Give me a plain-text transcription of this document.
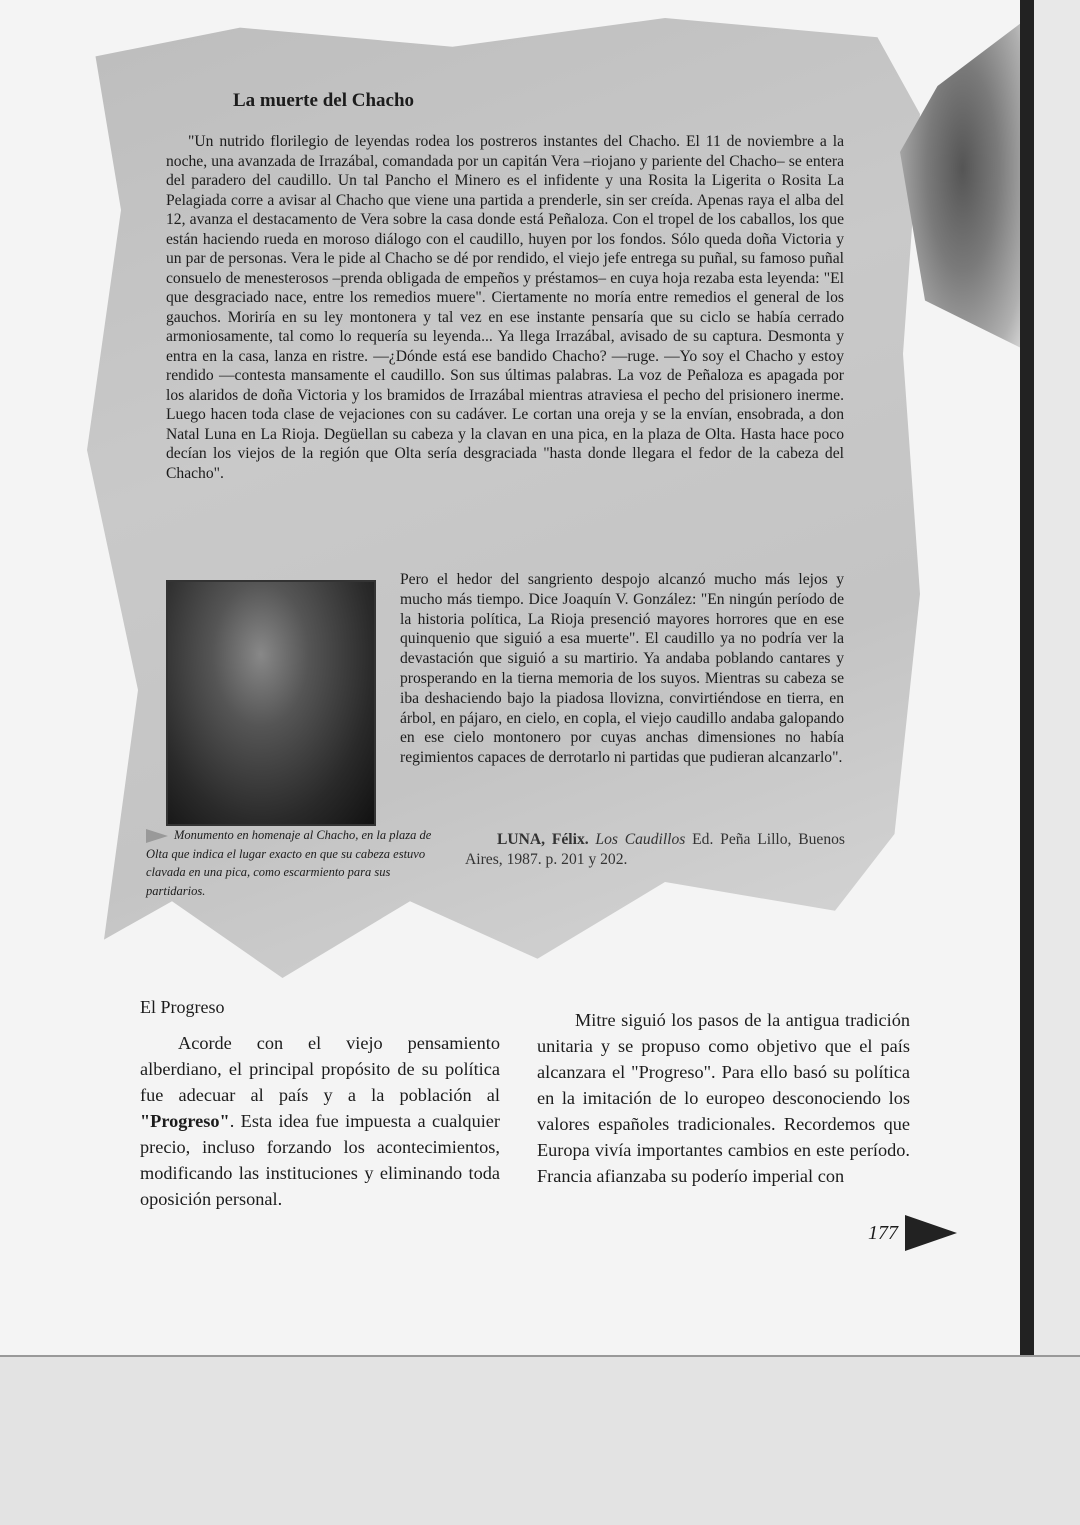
La muerte del Chacho

"Un nutrido florilegio de leyendas rodea los postreros instantes del Chacho. El 11 de noviembre a la noche, una avanzada de Irrazábal, comandada por un capitán Vera –riojano y pariente del Chacho– se entera del paradero del caudillo. Un tal Pancho el Minero es el infidente y una Rosita la Ligerita o Rosita La Pelagiada corre a avisar al Chacho que viene una partida a prenderle, sin ser creída. Apenas raya el alba del 12, avanza el destacamento de Vera sobre la casa donde está Peñaloza. Con el tropel de los caballos, los que están haciendo rueda en moroso diálogo con el caudillo, huyen por los fondos. Sólo queda doña Victoria y un par de personas. Vera le pide al Chacho se dé por rendido, el viejo jefe entrega su puñal, su famoso puñal consuelo de menesterosos –prenda obligada de empeños y préstamos– en cuya hoja rezaba esta leyenda: "El que desgraciado nace, entre los remedios muere". Ciertamente no moría entre remedios el general de los gauchos. Moriría en su ley montonera y tal vez en ese instante pensaría que su ciclo se había cerrado armoniosamente, tal como lo requería su leyenda... Ya llega Irrazábal, avisado de su captura. Desmonta y entra en la casa, lanza en ristre. —¿Dónde está ese bandido Chacho? —ruge. —Yo soy el Chacho y estoy rendido —contesta mansamente el caudillo. Son sus últimas palabras. La voz de Peñaloza es apagada por los alaridos de doña Victoria y los bramidos de Irrazábal mientras atraviesa el pecho del prisionero inerme. Luego hacen toda clase de vejaciones con su cadáver. Le cortan una oreja y se la envían, ensobrada, a don Natal Luna en La Rioja. Degüellan su cabeza y la clavan en una pica, en la plaza de Olta. Hasta hace poco decían los viejos de la región que Olta sería desgraciada "hasta donde llegara el fedor de la cabeza del Chacho".

Pero el hedor del sangriento despojo alcanzó mucho más lejos y mucho más tiempo. Dice Joaquín V. González: "En ningún período de la historia política, La Rioja presenció mayores horrores que en ese quinquenio que siguió a esa muerte". El caudillo ya no podría ver la devastación que siguió a su martirio. Ya andaba poblando cantares y prosperando en la tierna memoria de los suyos. Mientras su cabeza se iba deshaciendo bajo la piadosa llovizna, convirtiéndose en tierra, en árbol, en pájaro, en cielo, en copla, el viejo caudillo andaba galopando en ese cielo montonero por cuyas anchas dimensiones no había regimientos capaces de derrotarlo ni partidas que pudieran alcanzarlo".

LUNA, Félix. Los Caudillos Ed. Peña Lillo, Buenos Aires, 1987. p. 201 y 202.

Monumento en homenaje al Chacho, en la plaza de Olta que indica el lugar exacto en que su cabeza estuvo clavada en una pica, como escarmiento para sus partidarios.

El Progreso

Acorde con el viejo pensamiento alberdiano, el principal propósito de su política fue adecuar al país y a la población al "Progreso". Esta idea fue impuesta a cualquier precio, incluso forzando los acontecimientos, modificando las instituciones y eliminando toda oposición personal.

Mitre siguió los pasos de la antigua tradición unitaria y se propuso como objetivo que el país alcanzara el "Progreso". Para ello basó su política en la imitación de lo europeo desconociendo los valores españoles tradicionales. Recordemos que Europa vivía importantes cambios en este período. Francia afianzaba su poderío imperial con

177
